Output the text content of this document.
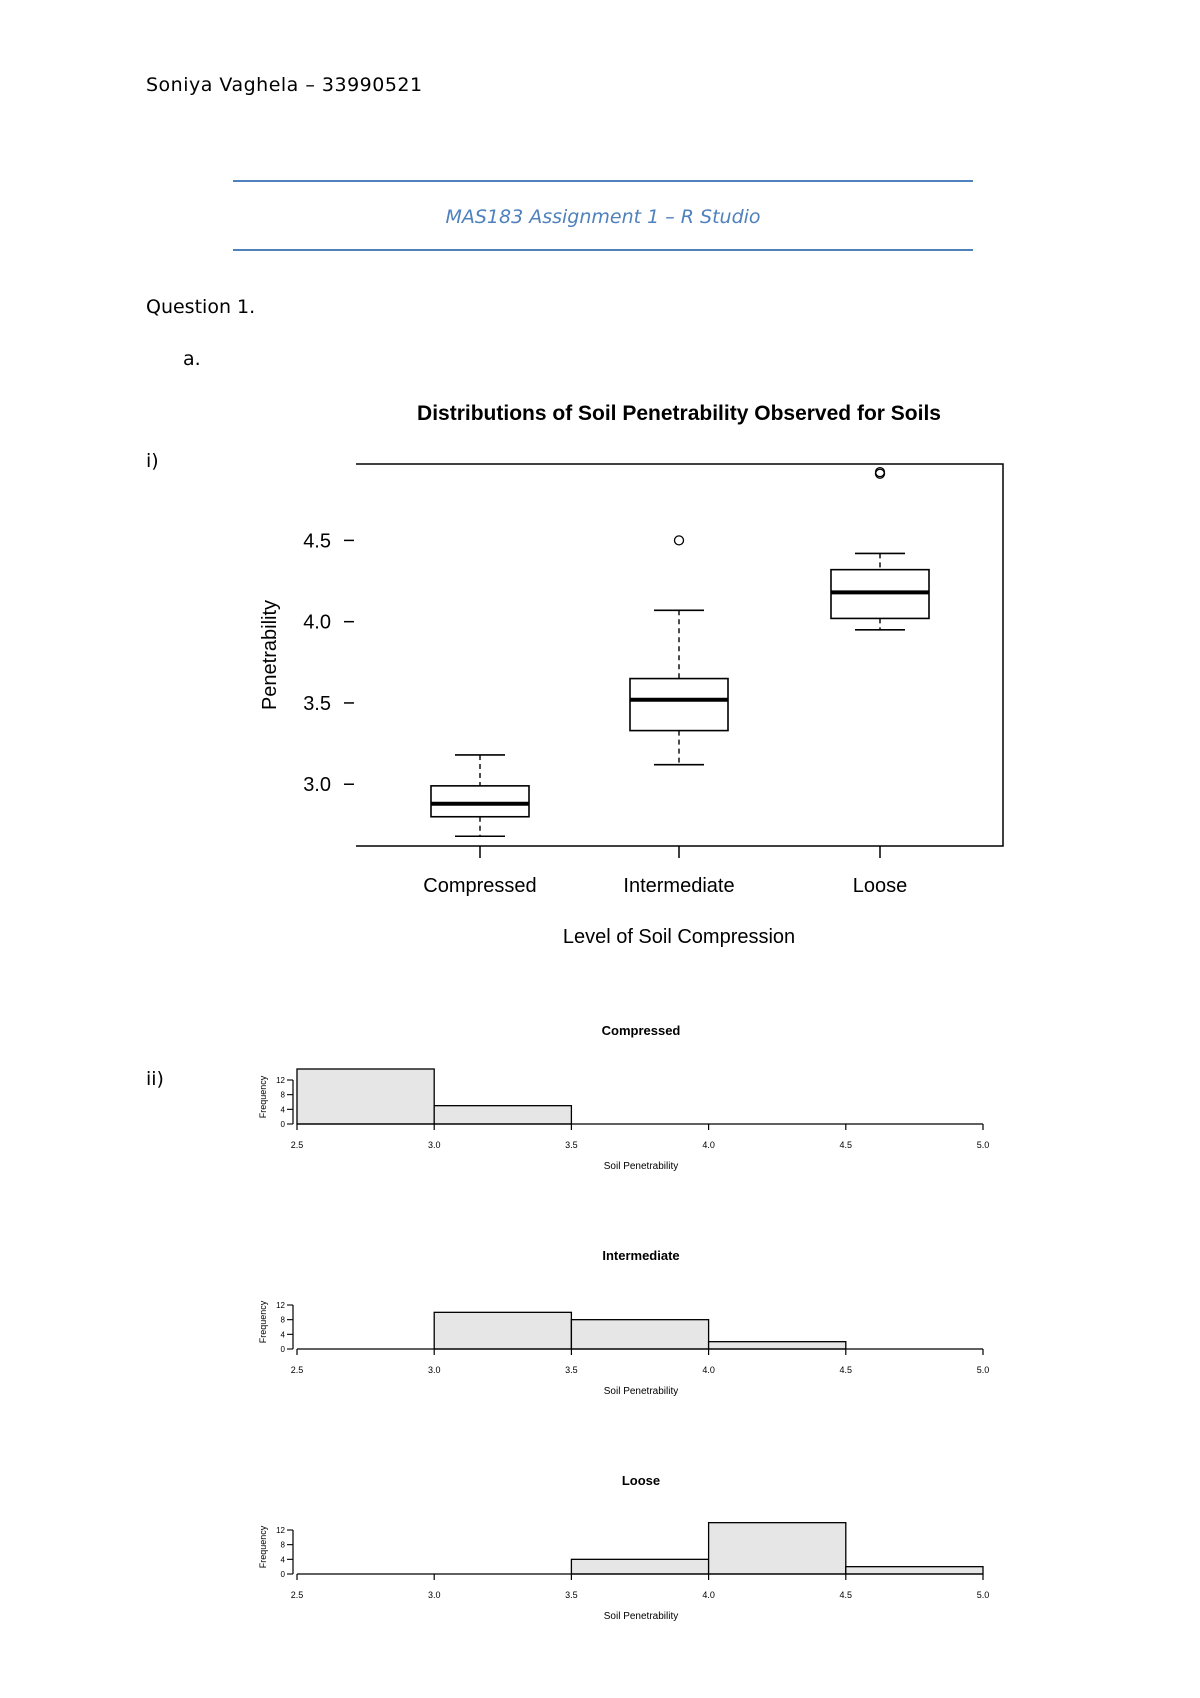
Soniya Vaghela – 33990521
MAS183 Assignment 1 – R Studio
Question 1.
a.
i)
ii)
Distributions of Soil Penetrability Observed for Soils
3.0
3.5
4.0
4.5
Penetrability
Compressed	Intermediate	Loose
Level of Soil Compression
Compressed
2.5	3.0	3.5	4.0	4.5	5.0
Soil Penetrability
0
4
8
12
Frequency
Intermediate
2.5	3.0	3.5	4.0	4.5	5.0
Soil Penetrability
0
4
8
12
Frequency
Loose
2.5	3.0	3.5	4.0	4.5	5.0
Soil Penetrability
0
4
8
12
Frequency
